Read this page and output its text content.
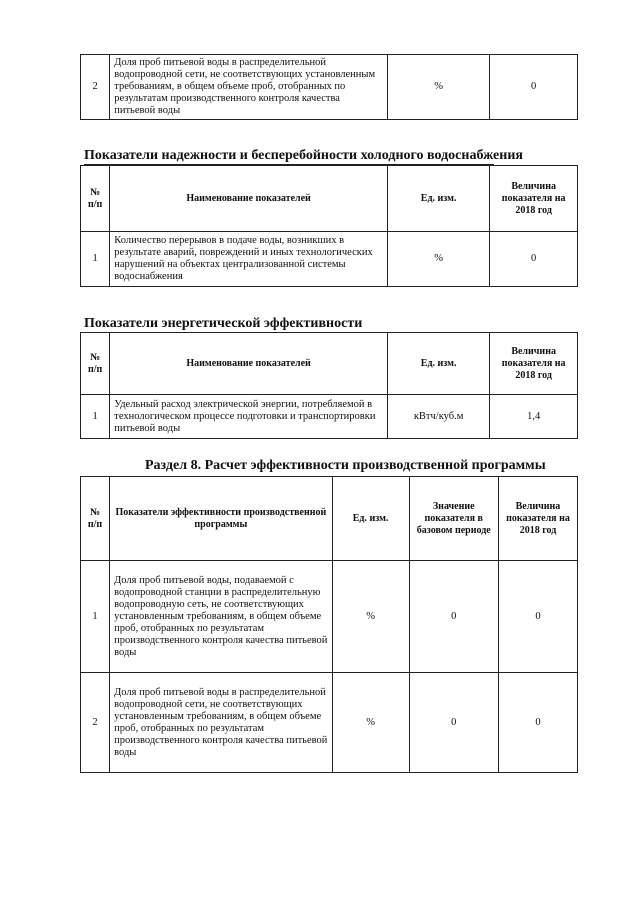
2	Доля проб питьевой воды в распределительной водопроводной сети, не соответствующих установленным требованиям, в общем объеме проб, отобранных по результатам производственного контроля качества питьевой воды	%	0
Показатели надежности и бесперебойности холодного водоснабжения
№ п/п	Наименование показателей	Ед. изм.	Величина показателя на 2018 год
1	Количество перерывов в подаче воды, возникших в результате аварий, повреждений и иных технологических нарушений на объектах централизованной системы водоснабжения	%	0
Показатели энергетической эффективности
№ п/п	Наименование показателей	Ед. изм.	Величина показателя на 2018 год
1	Удельный расход электрической энергии, потребляемой в технологическом процессе подготовки и транспортировки питьевой воды	кВтч/куб.м	1,4
Раздел 8. Расчет эффективности производственной программы
№ п/п	Показатели эффективности производственной программы	Ед. изм.	Значение показателя в базовом периоде	Величина показателя на 2018 год
1	Доля проб питьевой воды, подаваемой с водопроводной станции в распределительную водопроводную сеть, не соответствующих установленным требованиям, в общем объеме проб, отобранных по результатам производственного контроля качества питьевой воды	%	0	0
2	Доля проб питьевой воды в распределительной водопроводной сети, не соответствующих установленным требованиям, в общем объеме проб, отобранных по результатам производственного контроля качества питьевой воды	%	0	0
